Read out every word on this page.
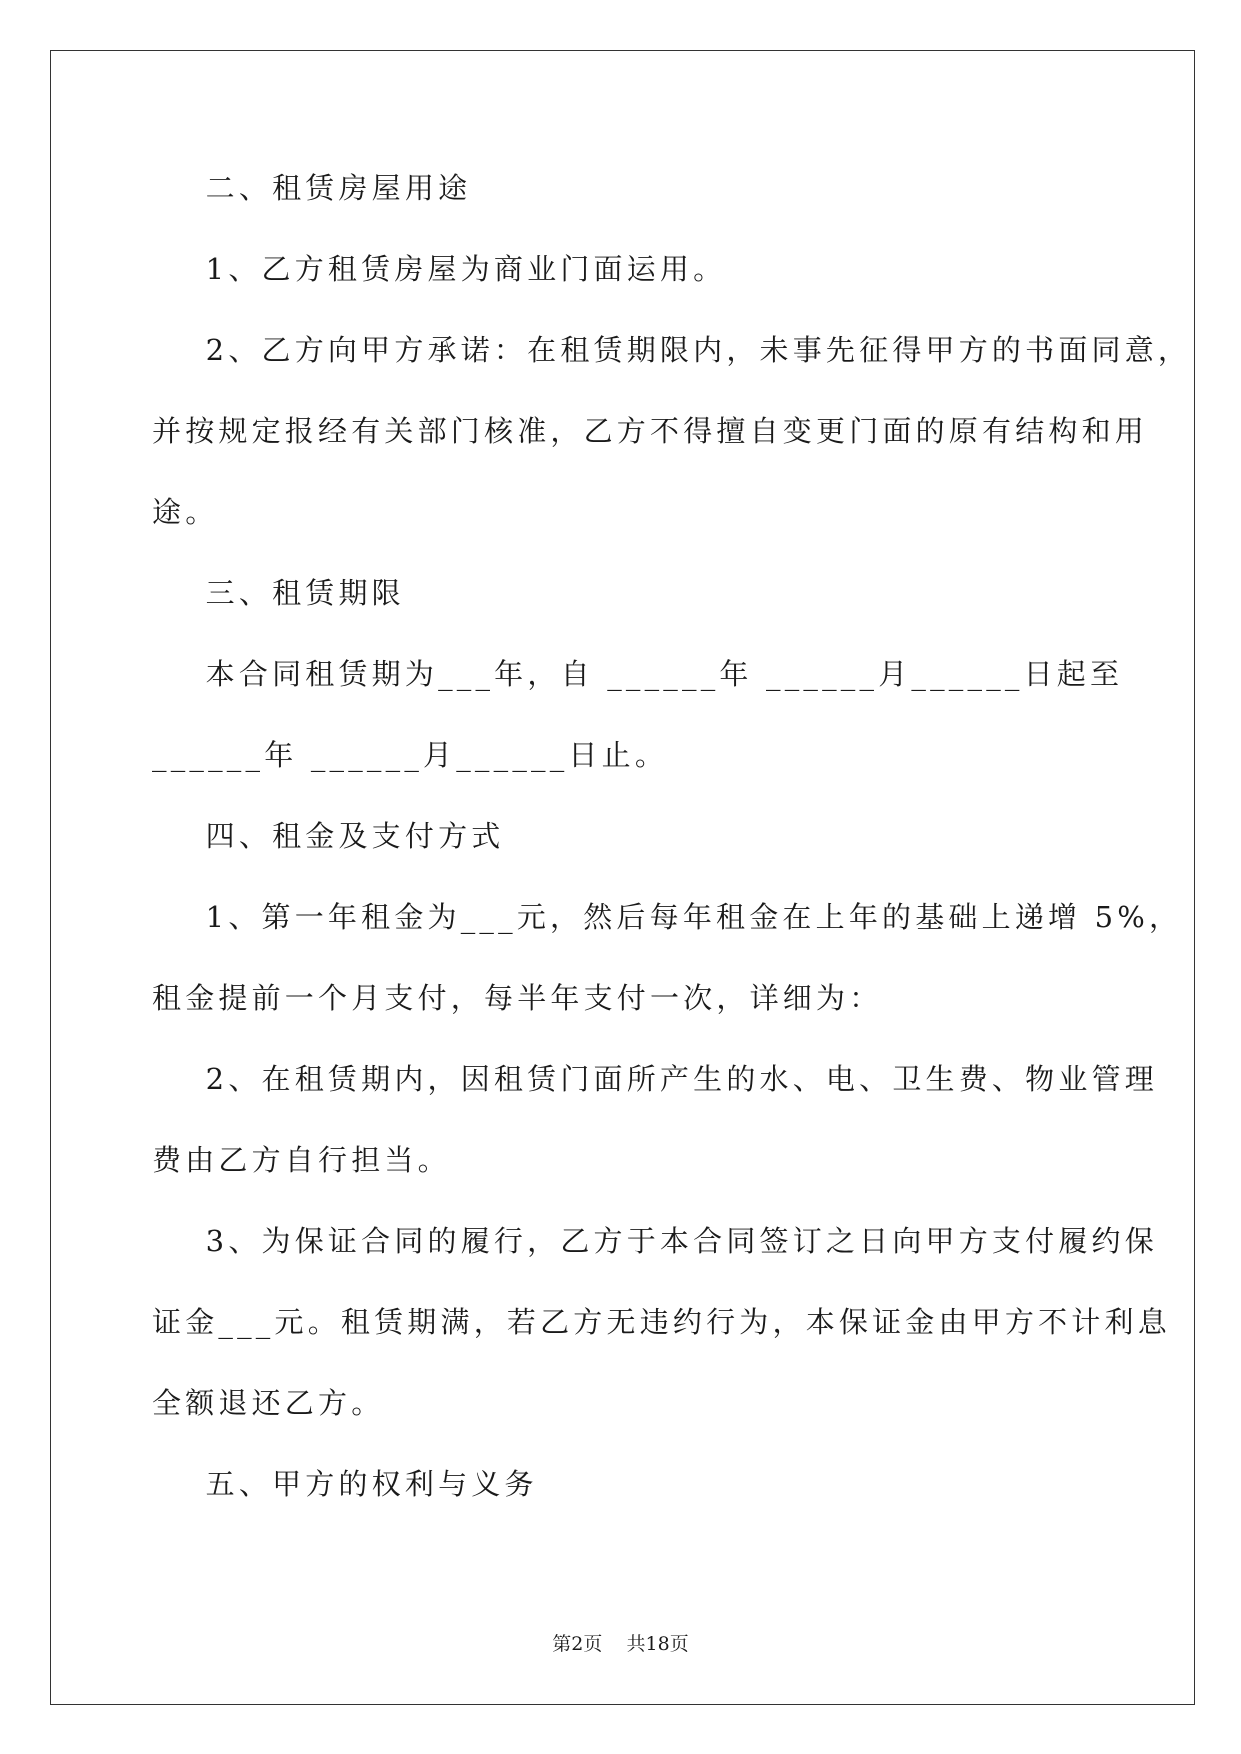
二、租赁房屋用途
1、乙方租赁房屋为商业门面运用。
2、乙方向甲方承诺：在租赁期限内，未事先征得甲方的书面同意，
并按规定报经有关部门核准，乙方不得擅自变更门面的原有结构和用
途。
三、租赁期限
本合同租赁期为___年，自 ______年 ______月______日起至
______年 ______月______日止。
四、租金及支付方式
1、第一年租金为___元，然后每年租金在上年的基础上递增 5%，
租金提前一个月支付，每半年支付一次，详细为：
2、在租赁期内，因租赁门面所产生的水、电、卫生费、物业管理
费由乙方自行担当。
3、为保证合同的履行，乙方于本合同签订之日向甲方支付履约保
证金___元。租赁期满，若乙方无违约行为，本保证金由甲方不计利息
全额退还乙方。
五、甲方的权利与义务
第2页    共18页
